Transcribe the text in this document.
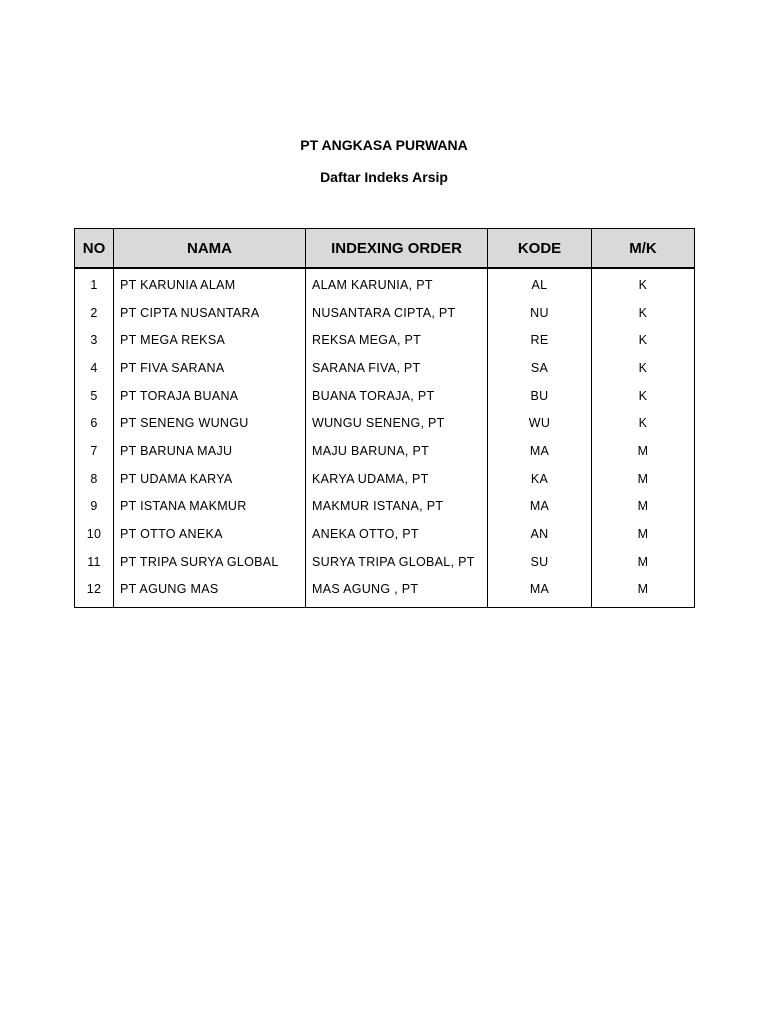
PT ANGKASA PURWANA
Daftar Indeks Arsip
NO	NAMA	INDEXING ORDER	KODE	M/K
1	PT KARUNIA ALAM	ALAM KARUNIA, PT	AL	K
2	PT CIPTA NUSANTARA	NUSANTARA CIPTA, PT	NU	K
3	PT MEGA REKSA	REKSA MEGA, PT	RE	K
4	PT FIVA SARANA	SARANA FIVA, PT	SA	K
5	PT TORAJA BUANA	BUANA TORAJA, PT	BU	K
6	PT SENENG WUNGU	WUNGU SENENG, PT	WU	K
7	PT BARUNA MAJU	MAJU BARUNA, PT	MA	M
8	PT UDAMA KARYA	KARYA UDAMA, PT	KA	M
9	PT ISTANA MAKMUR	MAKMUR ISTANA, PT	MA	M
10	PT OTTO ANEKA	ANEKA OTTO, PT	AN	M
11	PT TRIPA SURYA GLOBAL	SURYA TRIPA GLOBAL, PT	SU	M
12	PT AGUNG MAS	MAS AGUNG , PT	MA	M
